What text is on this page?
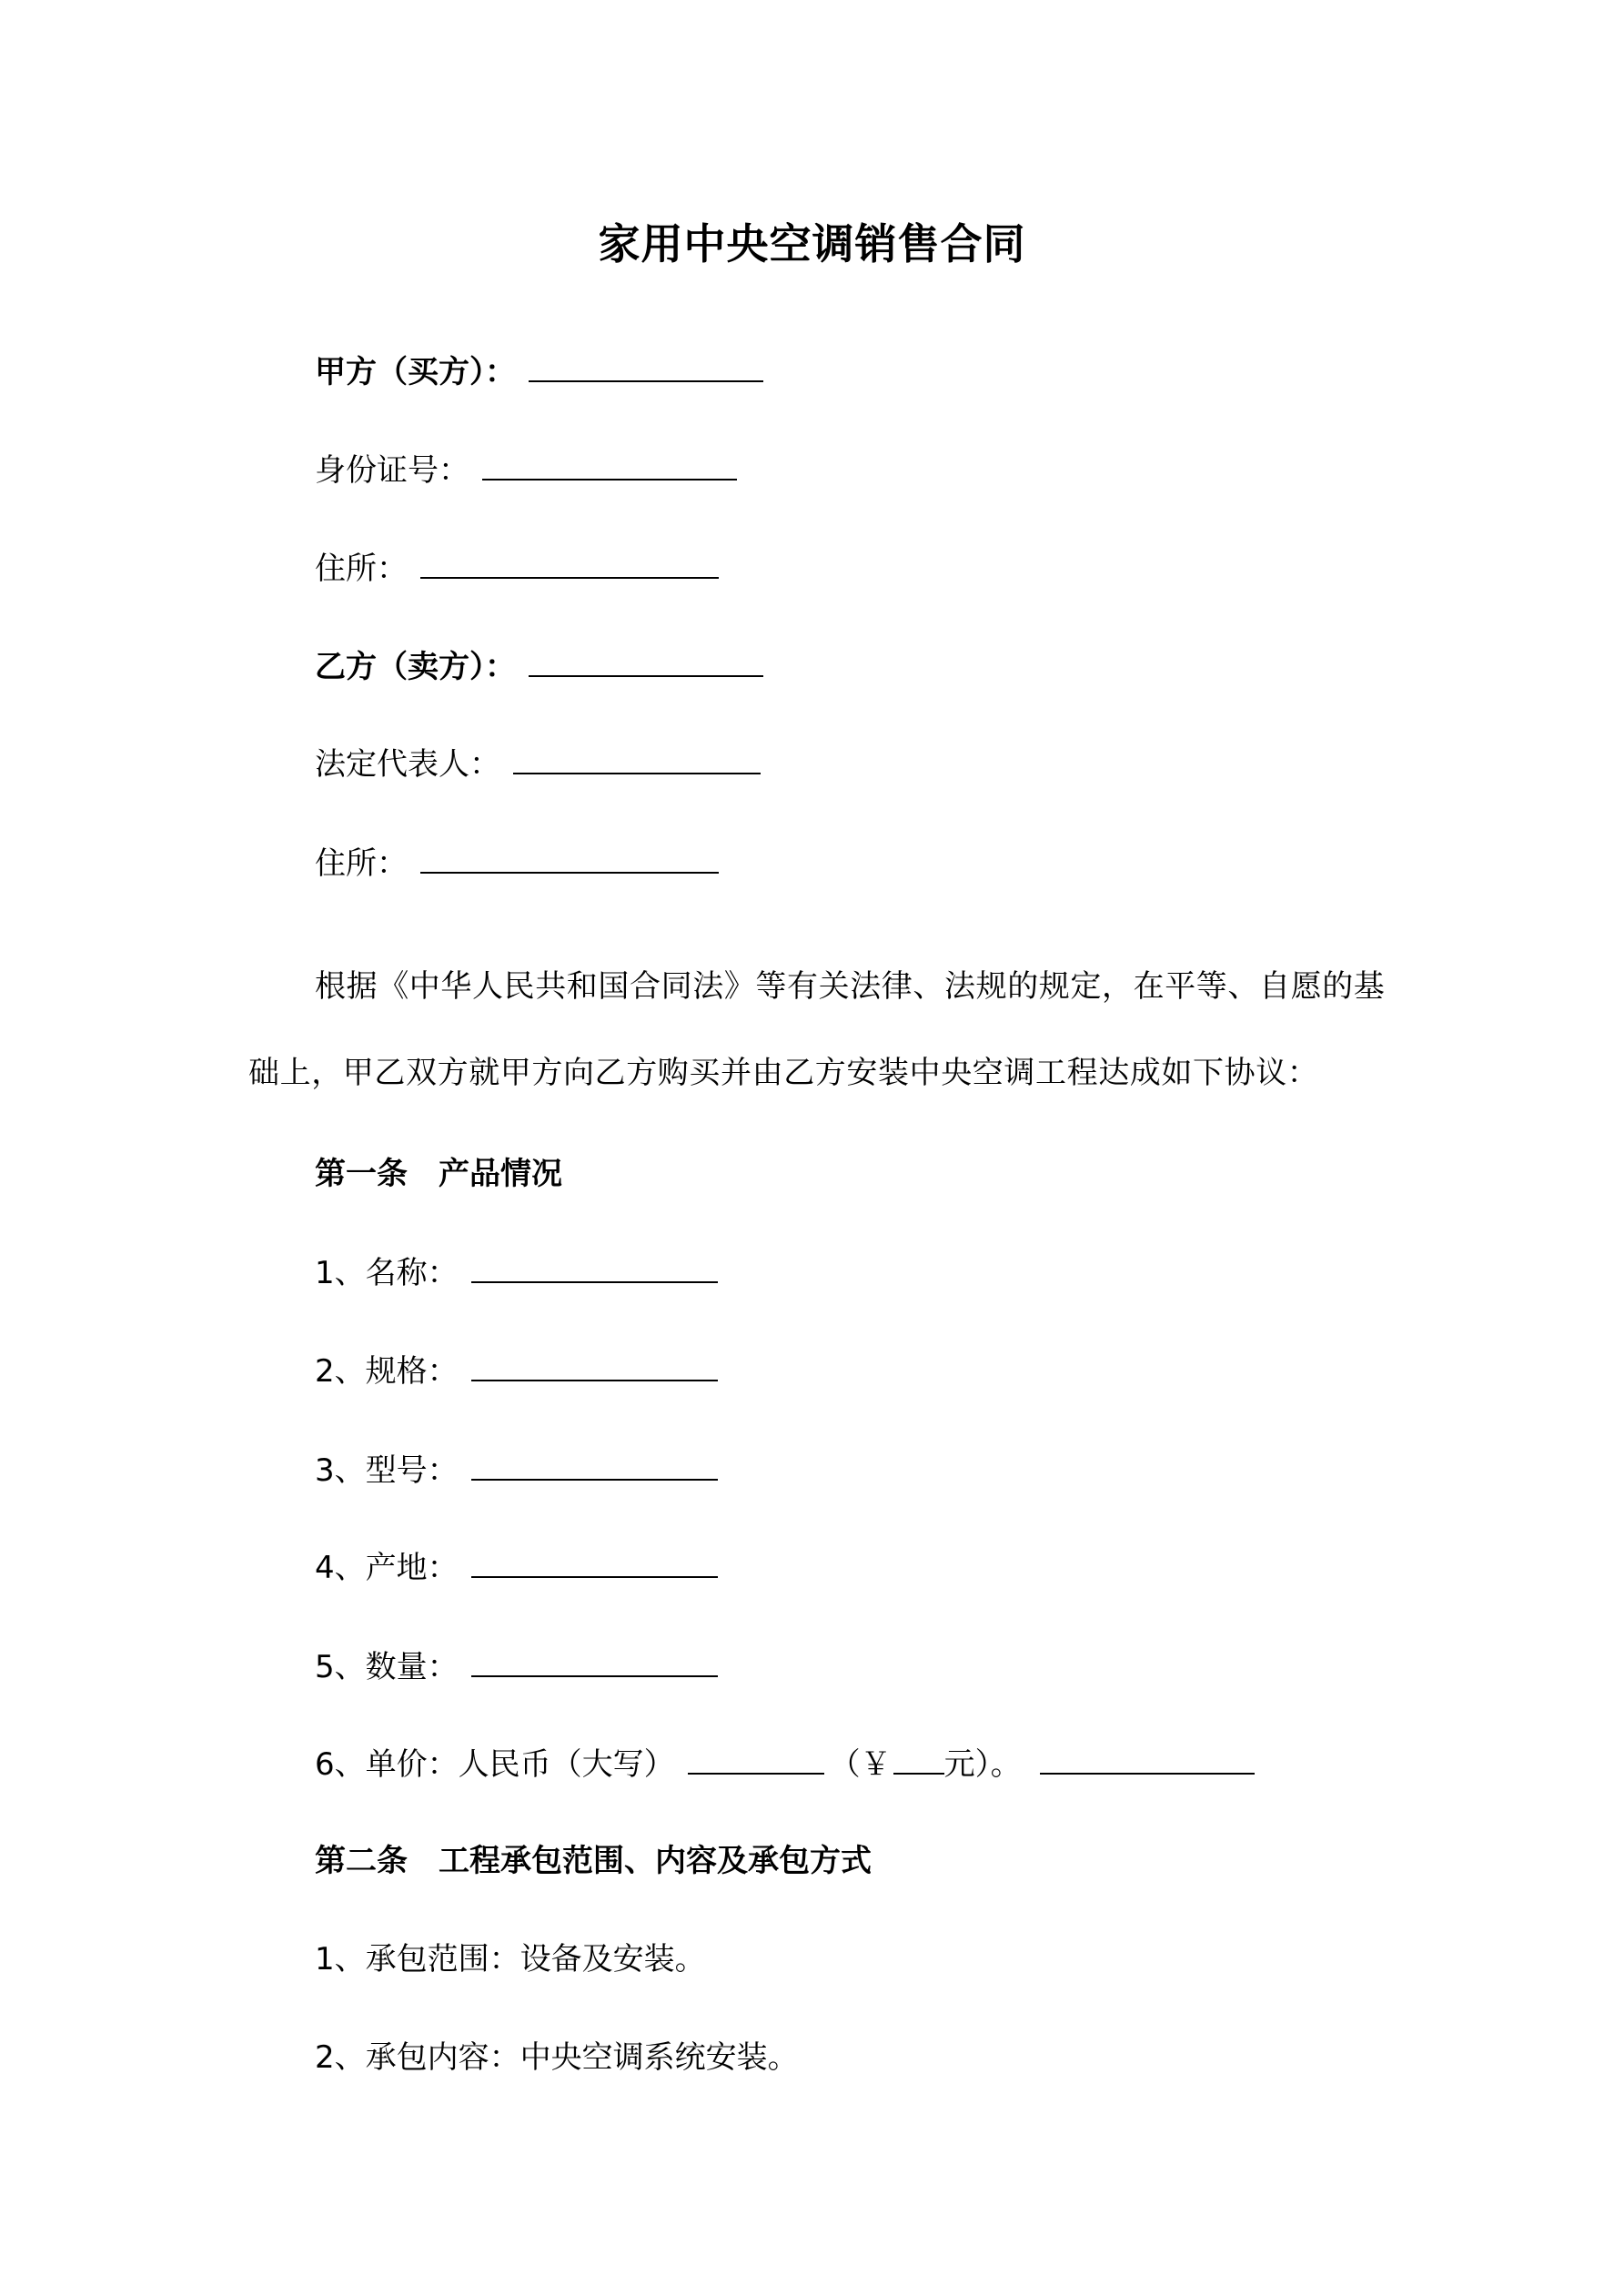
家用中央空调销售合同
甲方（买方）：
身份证号：
住所：
乙方（卖方）：
法定代表人：
住所：
根据《中华人民共和国合同法》等有关法律、法规的规定，在平等、自愿的基础上，甲乙双方就甲方向乙方购买并由乙方安装中央空调工程达成如下协议：
第一条　产品情况
1、名称：
2、规格：
3、型号：
4、产地：
5、数量：
6、单价：人民币（大写）	（￥ 元）。
第二条　工程承包范围、内容及承包方式
1、承包范围：设备及安装。
2、承包内容：中央空调系统安装。
